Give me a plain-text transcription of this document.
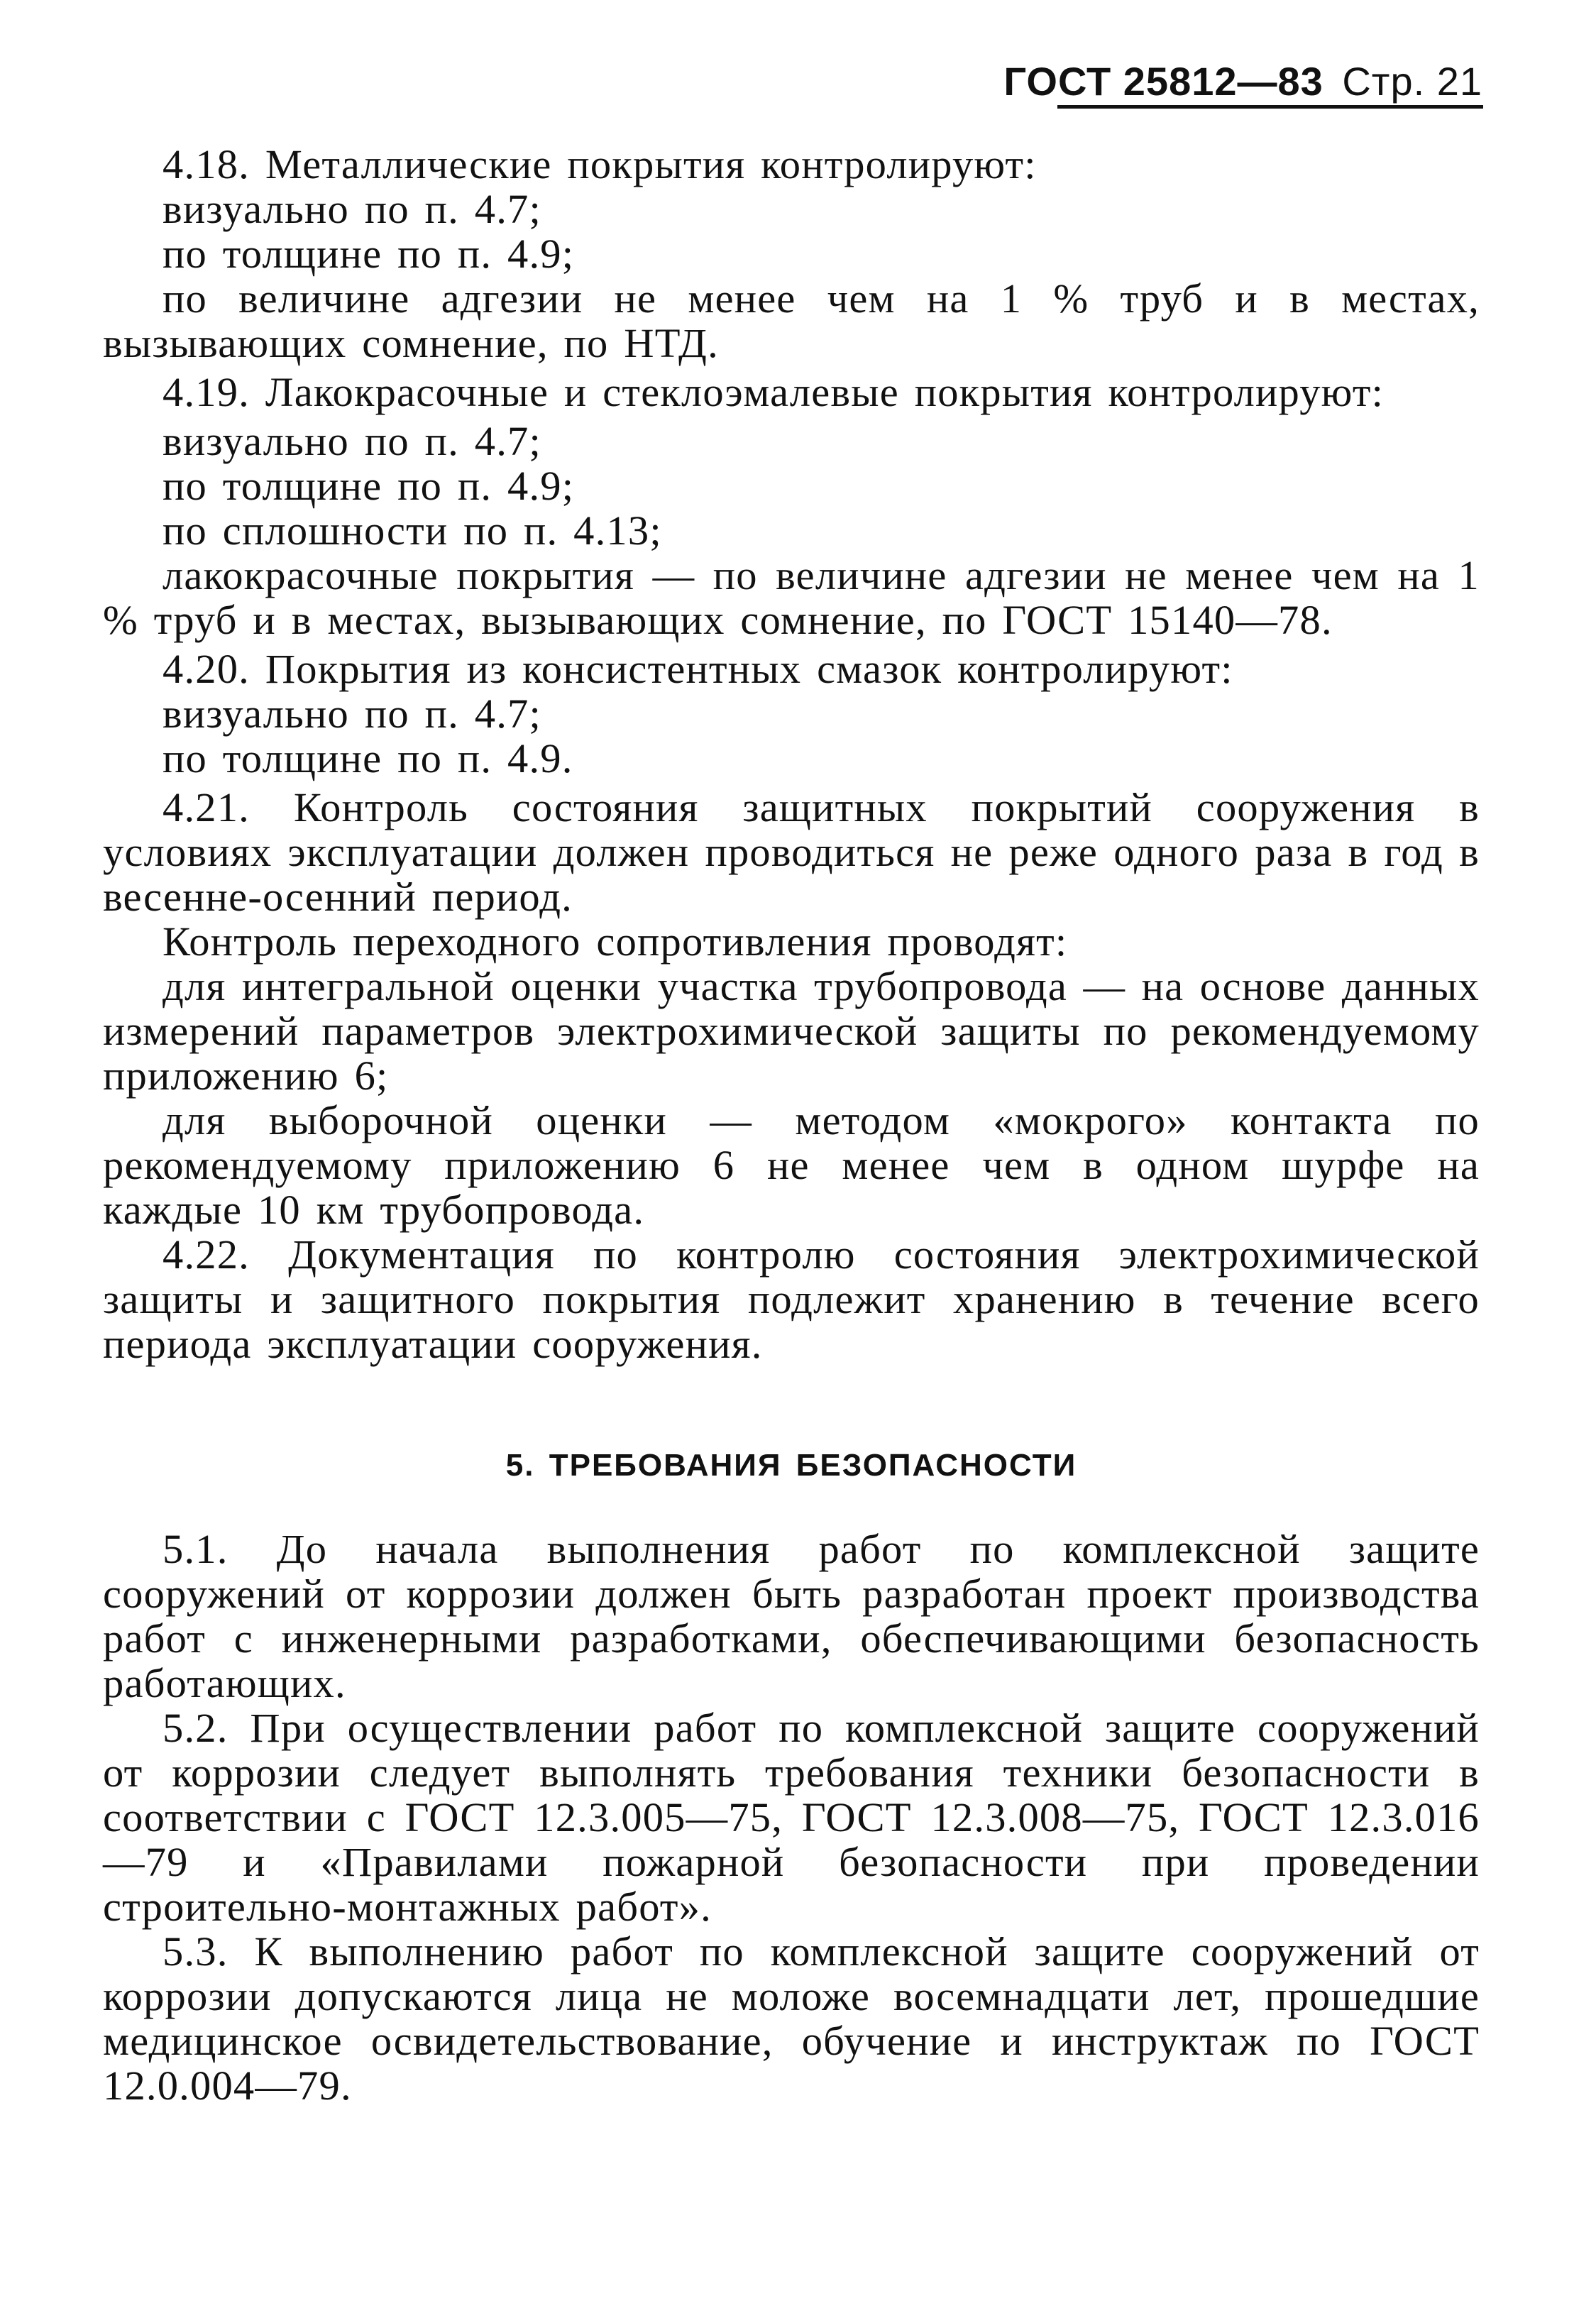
ГОСТ 25812—83 Стр. 21

4.18. Металлические покрытия контролируют:

визуально по п. 4.7;

по толщине по п. 4.9;

по величине адгезии не менее чем на 1 % труб и в местах, вызывающих сомнение, по НТД.

4.19. Лакокрасочные и стеклоэмалевые покрытия контролируют:

визуально по п. 4.7;

по толщине по п. 4.9;

по сплошности по п. 4.13;

лакокрасочные покрытия — по величине адгезии не менее чем на 1 % труб и в местах, вызывающих сомнение, по ГОСТ 15140—78.

4.20. Покрытия из консистентных смазок контролируют:

визуально по п. 4.7;

по толщине по п. 4.9.

4.21. Контроль состояния защитных покрытий сооружения в условиях эксплуатации должен проводиться не реже одного раза в год в весенне-осенний период.

Контроль переходного сопротивления проводят:

для интегральной оценки участка трубопровода — на основе данных измерений параметров электрохимической защиты по рекомендуемому приложению 6;

для выборочной оценки — методом «мокрого» контакта по рекомендуемому приложению 6 не менее чем в одном шурфе на каждые 10 км трубопровода.

4.22. Документация по контролю состояния электрохимической защиты и защитного покрытия подлежит хранению в течение всего периода эксплуатации сооружения.

5. ТРЕБОВАНИЯ БЕЗОПАСНОСТИ

5.1. До начала выполнения работ по комплексной защите сооружений от коррозии должен быть разработан проект производства работ с инженерными разработками, обеспечивающими безопасность работающих.

5.2. При осуществлении работ по комплексной защите сооружений от коррозии следует выполнять требования техники безопасности в соответствии с ГОСТ 12.3.005—75, ГОСТ 12.3.008—75, ГОСТ 12.3.016—79 и «Правилами пожарной безопасности при проведении строительно-монтажных работ».

5.3. К выполнению работ по комплексной защите сооружений от коррозии допускаются лица не моложе восемнадцати лет, прошедшие медицинское освидетельствование, обучение и инструктаж по ГОСТ 12.0.004—79.
